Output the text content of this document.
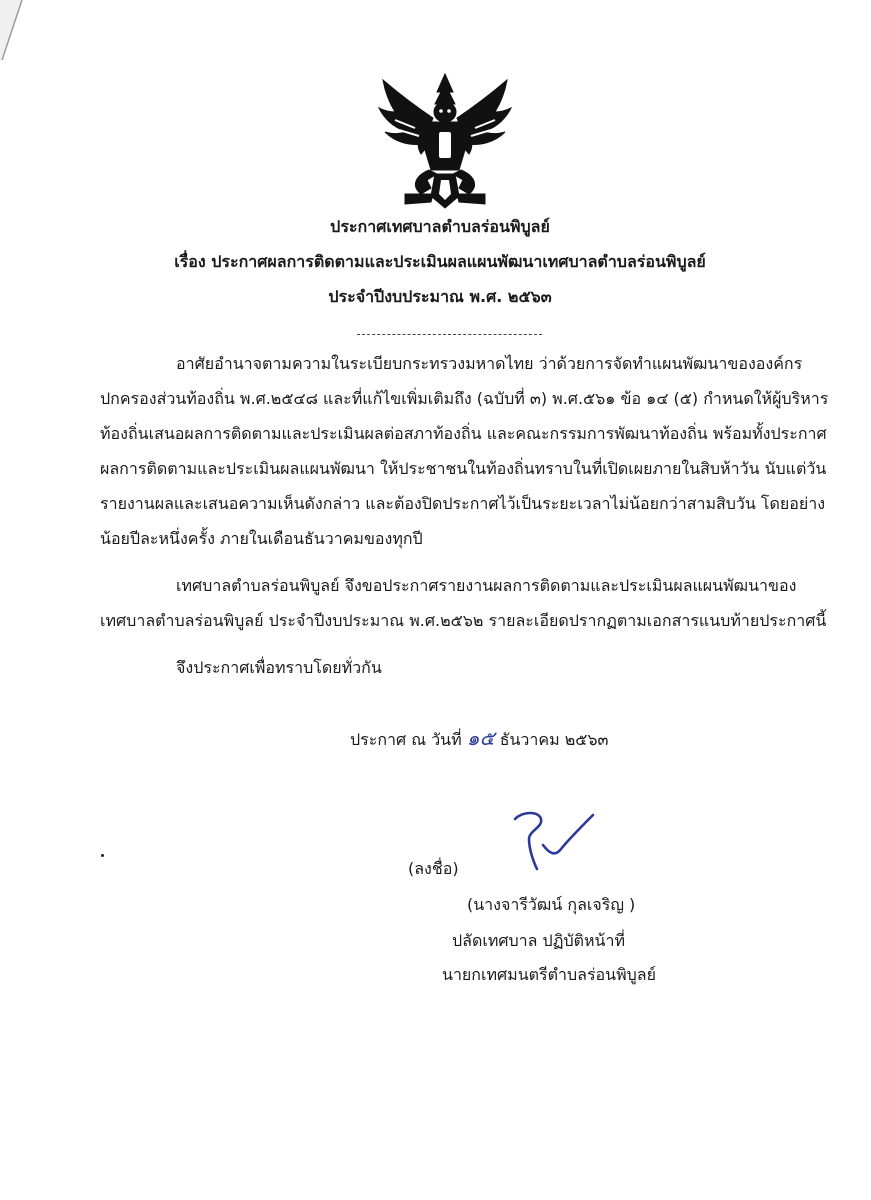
ประกาศเทศบาลตำบลร่อนพิบูลย์
เรื่อง ประกาศผลการติดตามและประเมินผลแผนพัฒนาเทศบาลตำบลร่อนพิบูลย์
ประจำปีงบประมาณ พ.ศ. ๒๕๖๓
อาศัยอำนาจตามความในระเบียบกระทรวงมหาดไทย ว่าด้วยการจัดทำแผนพัฒนาขององค์กร
ปกครองส่วนท้องถิ่น พ.ศ.๒๕๔๘ และที่แก้ไขเพิ่มเติมถึง (ฉบับที่ ๓) พ.ศ.๕๖๑ ข้อ ๑๔ (๕) กำหนดให้ผู้บริหาร
ท้องถิ่นเสนอผลการติดตามและประเมินผลต่อสภาท้องถิ่น และคณะกรรมการพัฒนาท้องถิ่น พร้อมทั้งประกาศ
ผลการติดตามและประเมินผลแผนพัฒนา ให้ประชาชนในท้องถิ่นทราบในที่เปิดเผยภายในสิบห้าวัน นับแต่วัน
รายงานผลและเสนอความเห็นดังกล่าว และต้องปิดประกาศไว้เป็นระยะเวลาไม่น้อยกว่าสามสิบวัน โดยอย่าง
น้อยปีละหนึ่งครั้ง ภายในเดือนธันวาคมของทุกปี
เทศบาลตำบลร่อนพิบูลย์ จึงขอประกาศรายงานผลการติดตามและประเมินผลแผนพัฒนาของ
เทศบาลตำบลร่อนพิบูลย์ ประจำปีงบประมาณ พ.ศ.๒๕๖๒ รายละเอียดปรากฏตามเอกสารแนบท้ายประกาศนี้
จึงประกาศเพื่อทราบโดยทั่วกัน
ประกาศ ณ วันที่ ๑๕ ธันวาคม ๒๕๖๓
(ลงชื่อ)
(นางจารีวัฒน์ กุลเจริญ )
ปลัดเทศบาล ปฏิบัติหน้าที่
นายกเทศมนตรีตำบลร่อนพิบูลย์
